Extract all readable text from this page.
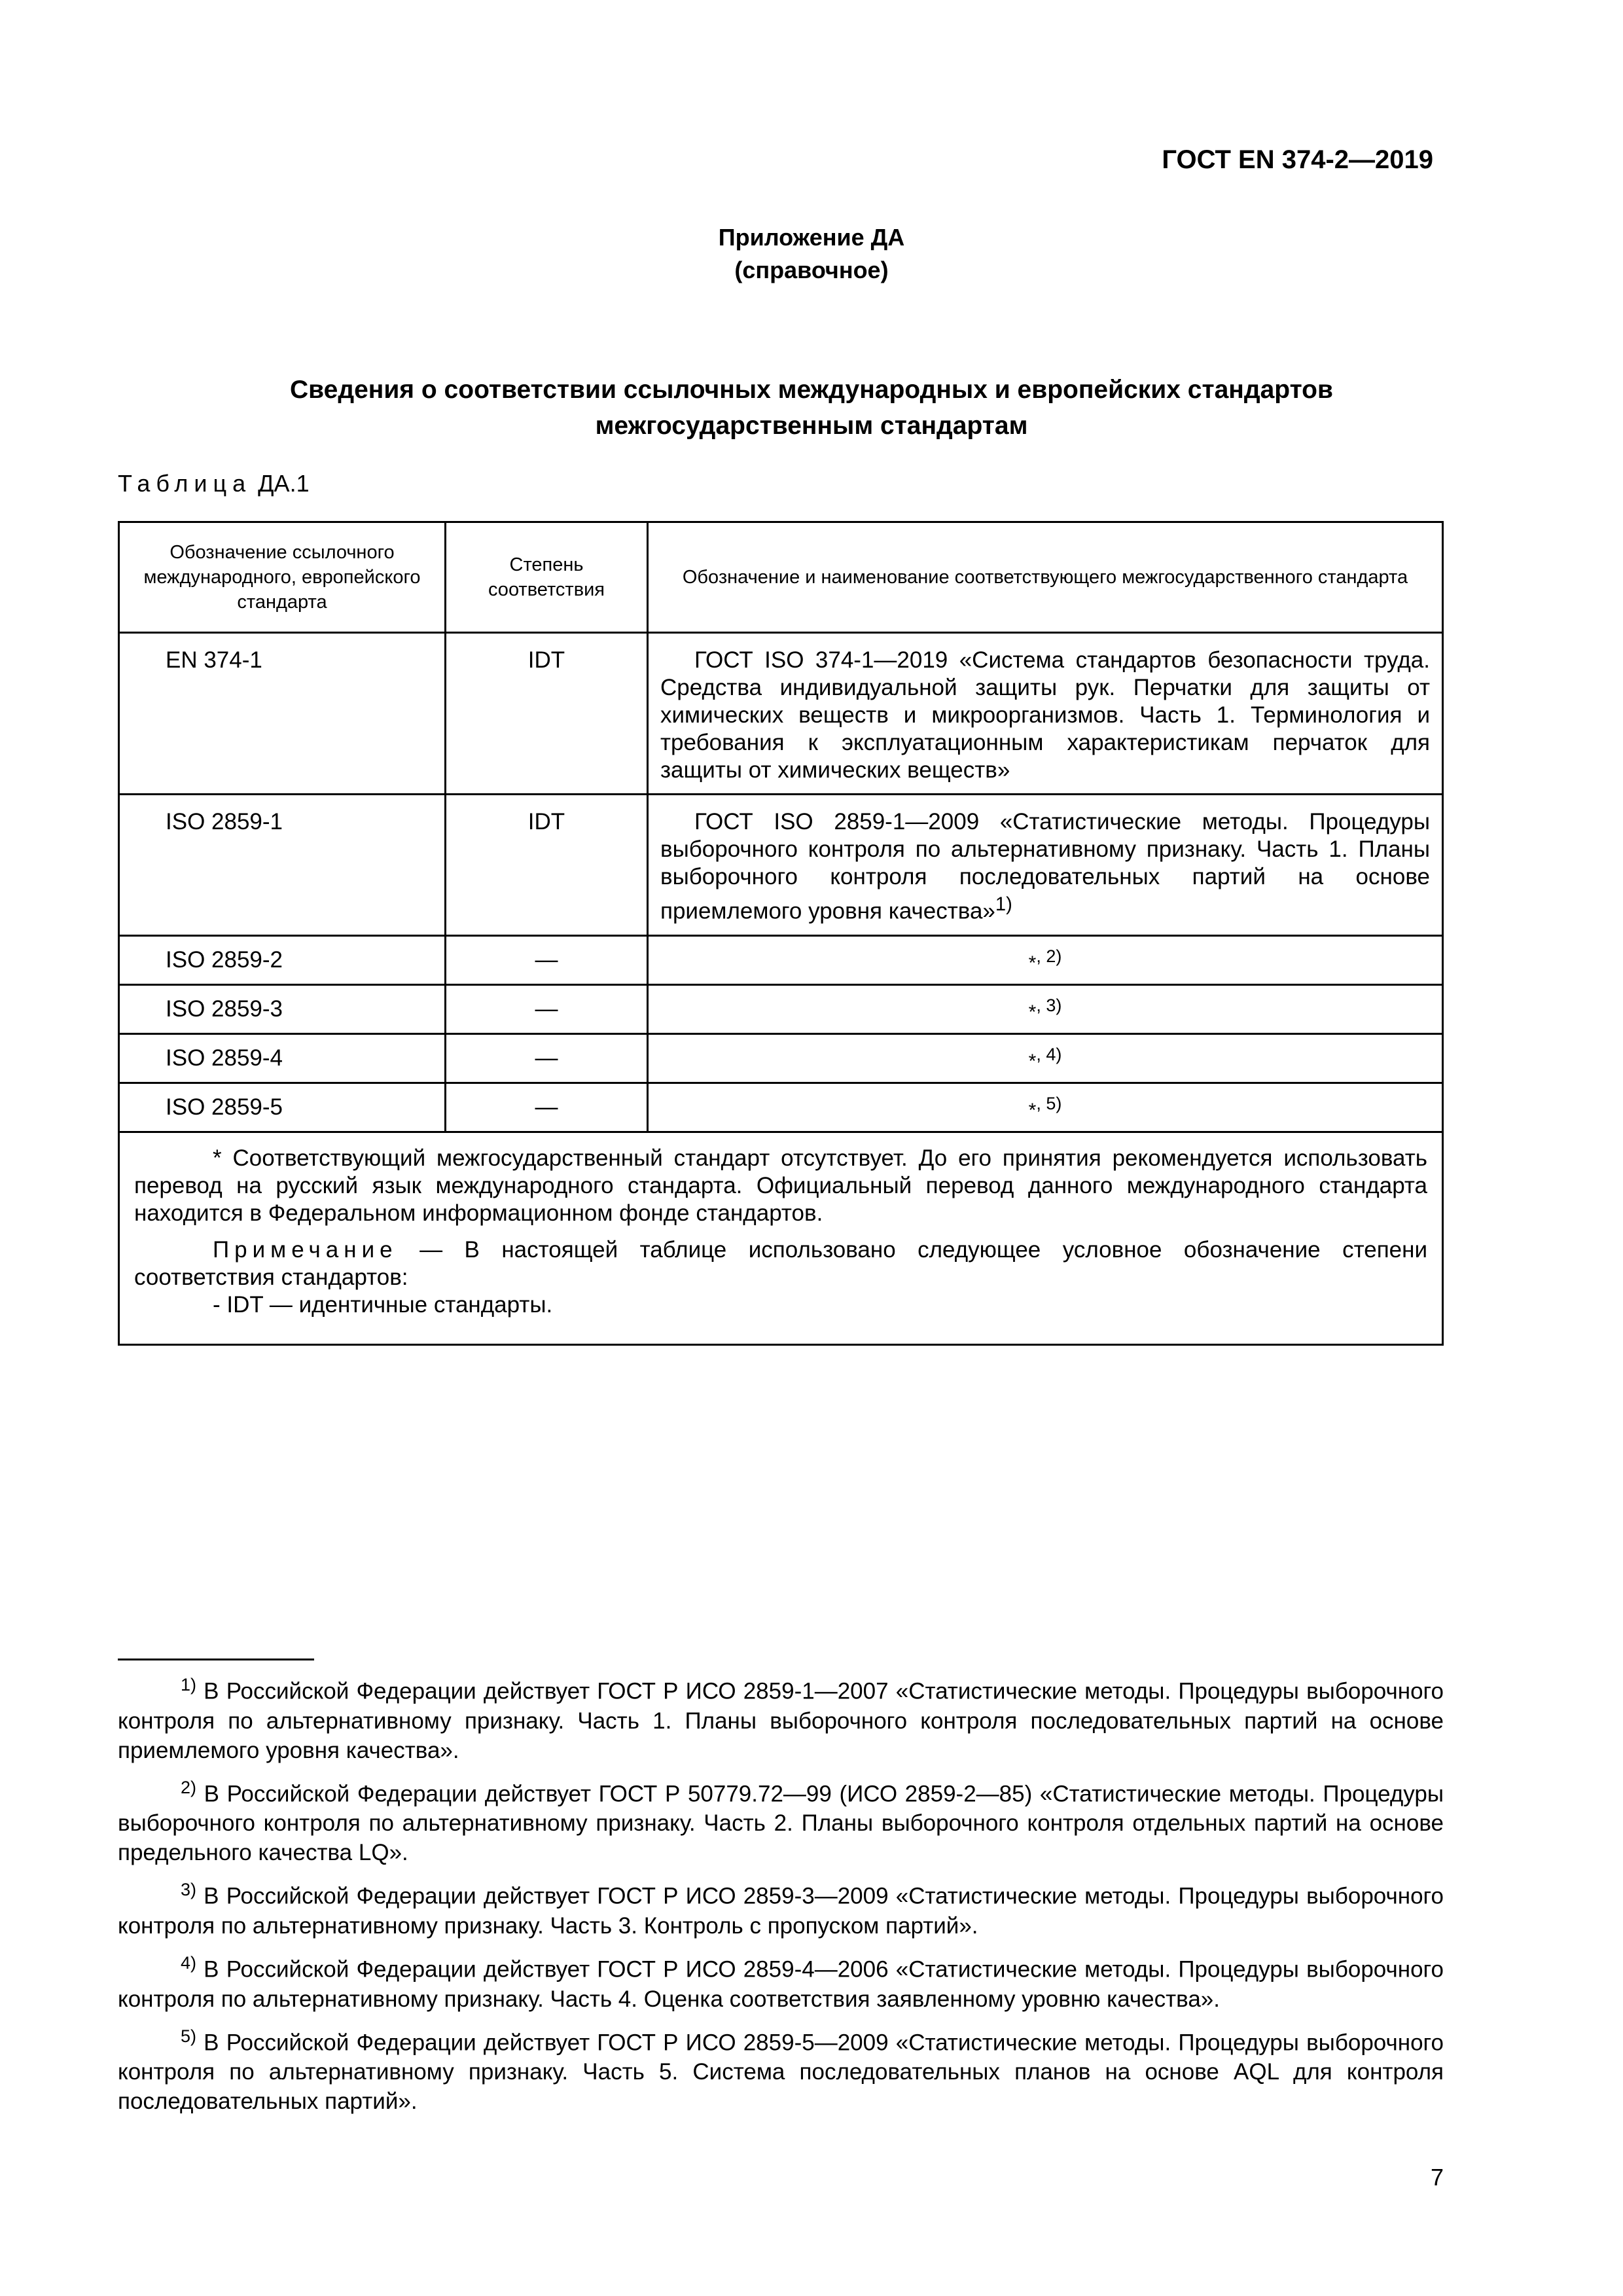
ГОСТ EN 374-2—2019
Приложение ДА
(справочное)
Сведения о соответствии ссылочных международных и европейских стандартов
межгосударственным стандартам
Таблица ДА.1
Обозначение ссылочного международного, европейского стандарта	Степень соответствия	Обозначение и наименование соответствующего межгосударственного стандарта
EN 374-1	IDT	ГОСТ ISO 374-1—2019 «Система стандартов безопасности труда. Средства индивидуальной защиты рук. Перчатки для защиты от химических веществ и микроорганизмов. Часть 1. Терминология и требования к эксплуатационным характеристикам перчаток для защиты от химических веществ»
ISO 2859-1	IDT	ГОСТ ISO 2859-1—2009 «Статистические методы. Процедуры выборочного контроля по альтернативному признаку. Часть 1. Планы выборочного контроля последовательных партий на основе приемлемого уровня качества»$^{1)}$
ISO 2859-2	—	*$^{, 2)}$
ISO 2859-3	—	*$^{, 3)}$
ISO 2859-4	—	*$^{, 4)}$
ISO 2859-5	—	*$^{, 5)}$

* Соответствующий межгосударственный стандарт отсутствует. До его принятия рекомендуется использовать перевод на русский язык международного стандарта. Официальный перевод данного международного стандарта находится в Федеральном информационном фонде стандартов.

Примечание — В настоящей таблице использовано следующее условное обозначение степени соответствия стандартов:
- IDT — идентичные стандарты.		

$^{1)}$ В Российской Федерации действует ГОСТ Р ИСО 2859-1—2007 «Статистические методы. Процедуры выборочного контроля по альтернативному признаку. Часть 1. Планы выборочного контроля последовательных партий на основе приемлемого уровня качества».

$^{2)}$ В Российской Федерации действует ГОСТ Р 50779.72—99 (ИСО 2859-2—85) «Статистические методы. Процедуры выборочного контроля по альтернативному признаку. Часть 2. Планы выборочного контроля отдельных партий на основе предельного качества LQ».

$^{3)}$ В Российской Федерации действует ГОСТ Р ИСО 2859-3—2009 «Статистические методы. Процедуры выборочного контроля по альтернативному признаку. Часть 3. Контроль с пропуском партий».

$^{4)}$ В Российской Федерации действует ГОСТ Р ИСО 2859-4—2006 «Статистические методы. Процедуры выборочного контроля по альтернативному признаку. Часть 4. Оценка соответствия заявленному уровню качества».

$^{5)}$ В Российской Федерации действует ГОСТ Р ИСО 2859-5—2009 «Статистические методы. Процедуры выборочного контроля по альтернативному признаку. Часть 5. Система последовательных планов на основе AQL для контроля последовательных партий».

7
